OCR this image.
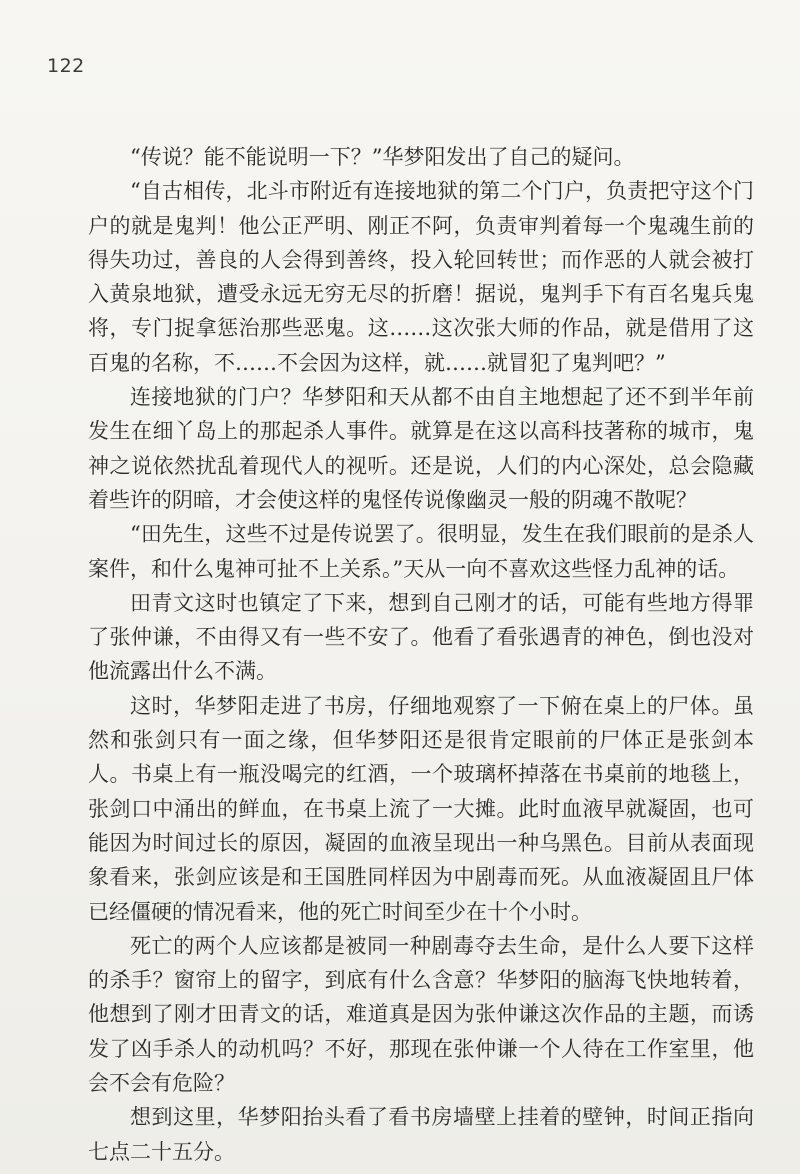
122

“传说？能不能说明一下？”华梦阳发出了自己的疑问。

“自古相传，北斗市附近有连接地狱的第二个门户，负责把守这个门户的就是鬼判！他公正严明、刚正不阿，负责审判着每一个鬼魂生前的得失功过，善良的人会得到善终，投入轮回转世；而作恶的人就会被打入黄泉地狱，遭受永远无穷无尽的折磨！据说，鬼判手下有百名鬼兵鬼将，专门捉拿惩治那些恶鬼。这……这次张大师的作品，就是借用了这百鬼的名称，不……不会因为这样，就……就冒犯了鬼判吧？”

连接地狱的门户？华梦阳和天从都不由自主地想起了还不到半年前发生在细丫岛上的那起杀人事件。就算是在这以高科技著称的城市，鬼神之说依然扰乱着现代人的视听。还是说，人们的内心深处，总会隐藏着些许的阴暗，才会使这样的鬼怪传说像幽灵一般的阴魂不散呢？

“田先生，这些不过是传说罢了。很明显，发生在我们眼前的是杀人案件，和什么鬼神可扯不上关系。”天从一向不喜欢这些怪力乱神的话。

田青文这时也镇定了下来，想到自己刚才的话，可能有些地方得罪了张仲谦，不由得又有一些不安了。他看了看张遇青的神色，倒也没对他流露出什么不满。

这时，华梦阳走进了书房，仔细地观察了一下俯在桌上的尸体。虽然和张剑只有一面之缘，但华梦阳还是很肯定眼前的尸体正是张剑本人。书桌上有一瓶没喝完的红酒，一个玻璃杯掉落在书桌前的地毯上，张剑口中涌出的鲜血，在书桌上流了一大摊。此时血液早就凝固，也可能因为时间过长的原因，凝固的血液呈现出一种乌黑色。目前从表面现象看来，张剑应该是和王国胜同样因为中剧毒而死。从血液凝固且尸体已经僵硬的情况看来，他的死亡时间至少在十个小时。

死亡的两个人应该都是被同一种剧毒夺去生命，是什么人要下这样的杀手？窗帘上的留字，到底有什么含意？华梦阳的脑海飞快地转着，他想到了刚才田青文的话，难道真是因为张仲谦这次作品的主题，而诱发了凶手杀人的动机吗？不好，那现在张仲谦一个人待在工作室里，他会不会有危险？

想到这里，华梦阳抬头看了看书房墙壁上挂着的壁钟，时间正指向七点二十五分。
